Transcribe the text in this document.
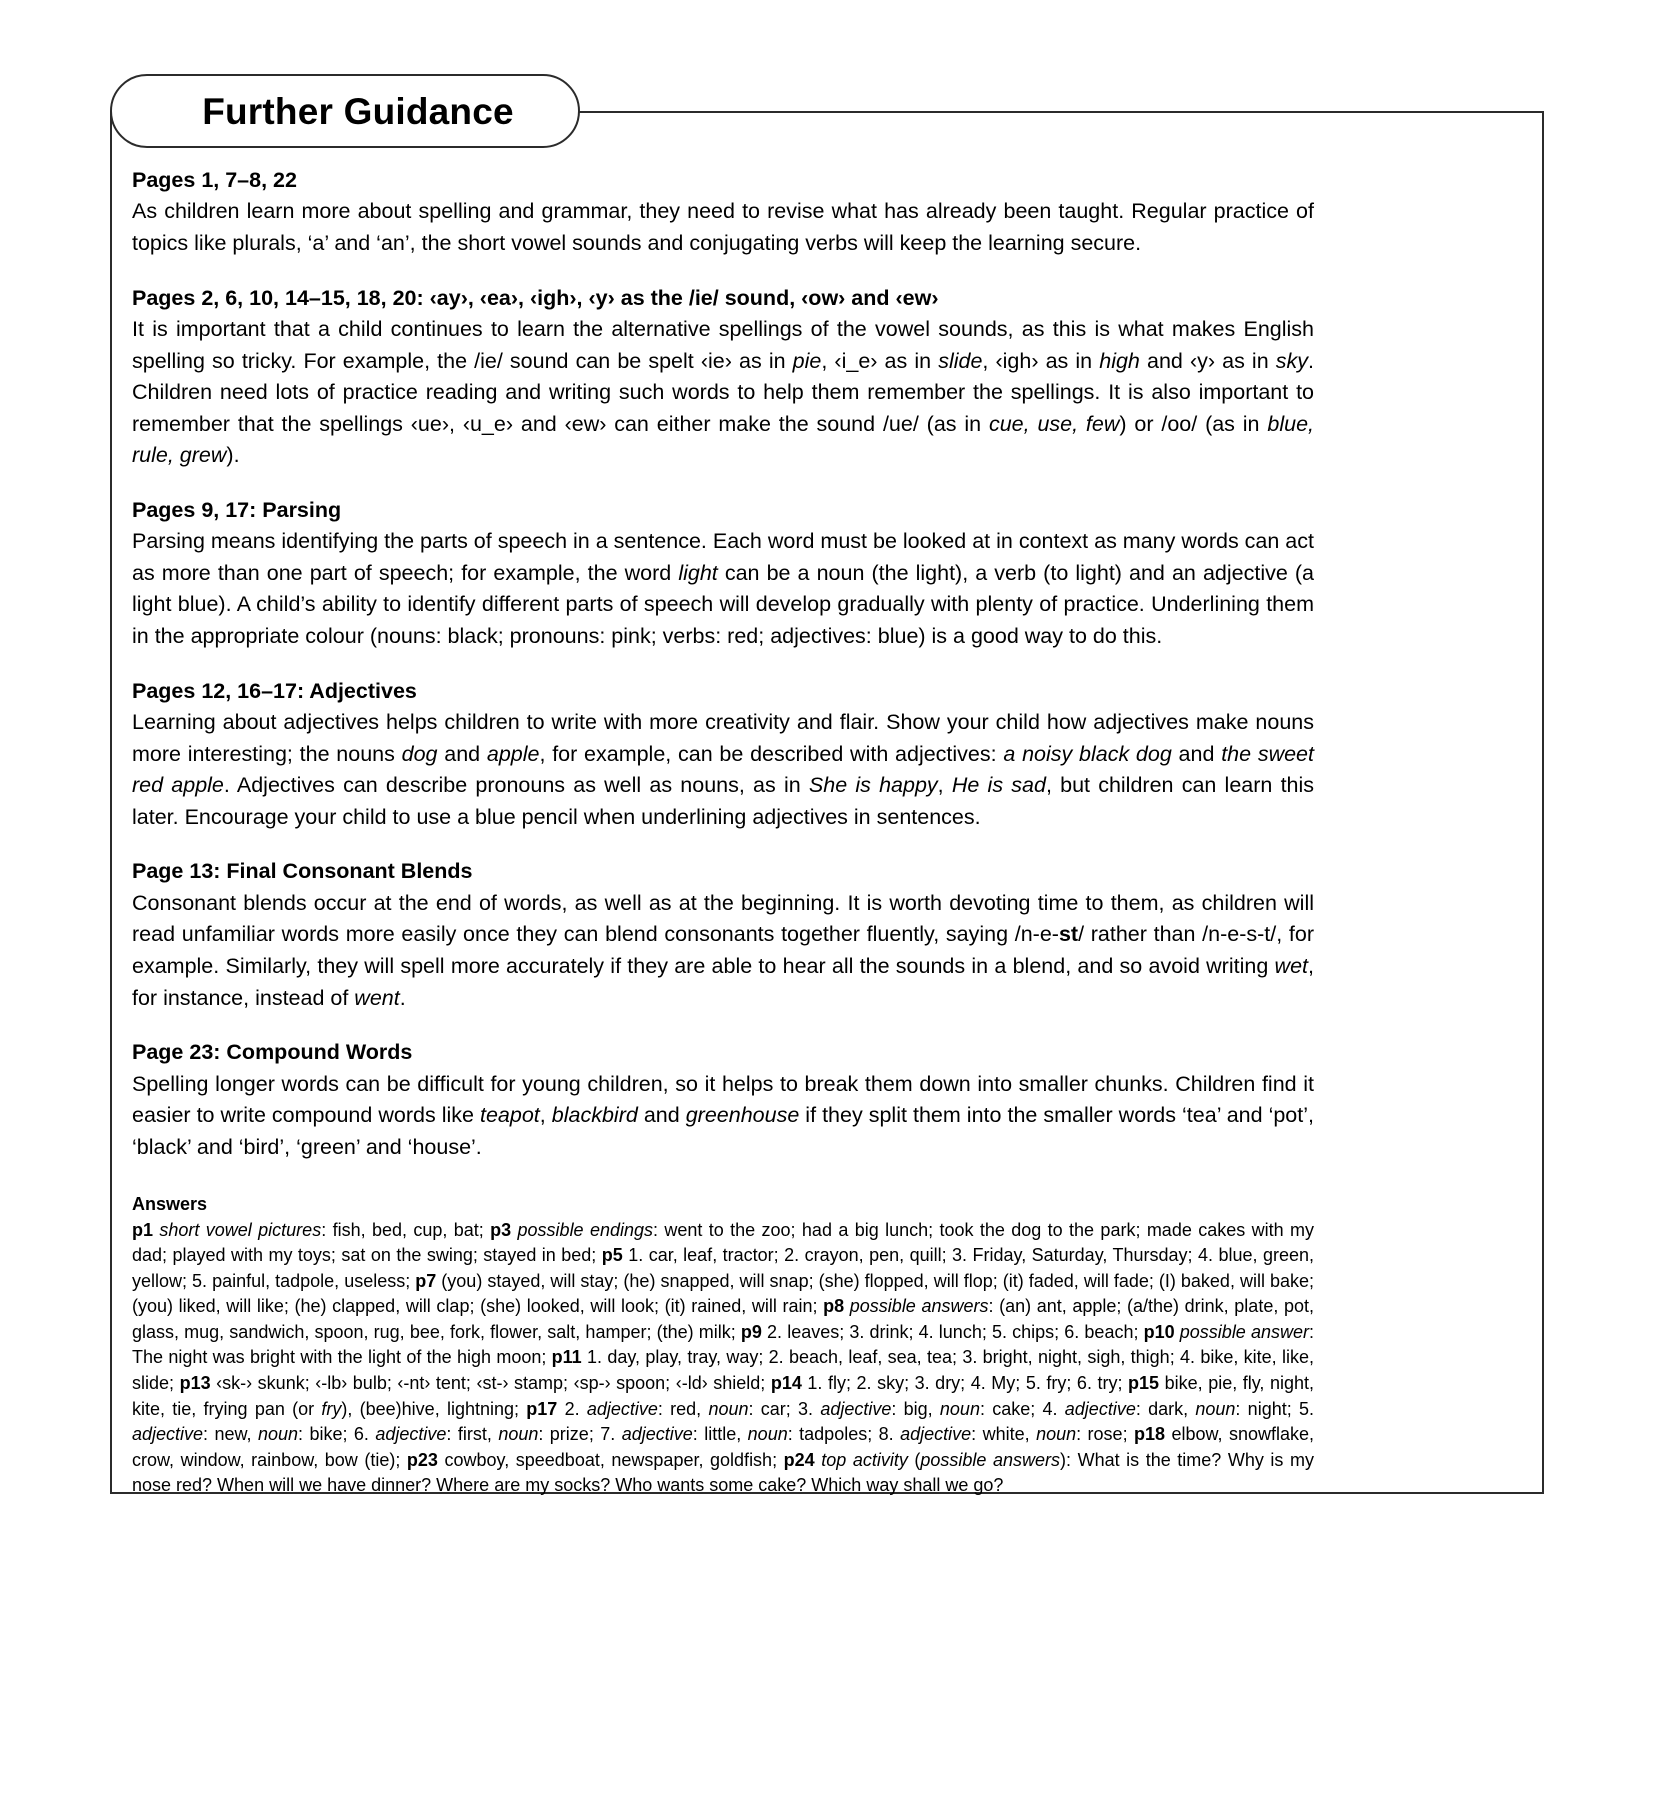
Further Guidance

Pages 1, 7–8, 22

As children learn more about spelling and grammar, they need to revise what has already been taught. Regular practice of topics like plurals, ‘a’ and ‘an’, the short vowel sounds and conjugating verbs will keep the learning secure.

Pages 2, 6, 10, 14–15, 18, 20: ‹ay›, ‹ea›, ‹igh›, ‹y› as the /ie/ sound, ‹ow› and ‹ew›

It is important that a child continues to learn the alternative spellings of the vowel sounds, as this is what makes English spelling so tricky. For example, the /ie/ sound can be spelt ‹ie› as in pie, ‹i_e› as in slide, ‹igh› as in high and ‹y› as in sky. Children need lots of practice reading and writing such words to help them remember the spellings. It is also important to remember that the spellings ‹ue›, ‹u_e› and ‹ew› can either make the sound /ue/ (as in cue, use, few) or /oo/ (as in blue, rule, grew).

Pages 9, 17: Parsing

Parsing means identifying the parts of speech in a sentence. Each word must be looked at in context as many words can act as more than one part of speech; for example, the word light can be a noun (the light), a verb (to light) and an adjective (a light blue). A child’s ability to identify different parts of speech will develop gradually with plenty of practice. Underlining them in the appropriate colour (nouns: black; pronouns: pink; verbs: red; adjectives: blue) is a good way to do this.

Pages 12, 16–17: Adjectives

Learning about adjectives helps children to write with more creativity and flair. Show your child how adjectives make nouns more interesting; the nouns dog and apple, for example, can be described with adjectives: a noisy black dog and the sweet red apple. Adjectives can describe pronouns as well as nouns, as in She is happy, He is sad, but children can learn this later. Encourage your child to use a blue pencil when underlining adjectives in sentences.

Page 13: Final Consonant Blends

Consonant blends occur at the end of words, as well as at the beginning. It is worth devoting time to them, as children will read unfamiliar words more easily once they can blend consonants together fluently, saying /n-e-st/ rather than /n-e-s-t/, for example. Similarly, they will spell more accurately if they are able to hear all the sounds in a blend, and so avoid writing wet, for instance, instead of went.

Page 23: Compound Words

Spelling longer words can be difficult for young children, so it helps to break them down into smaller chunks. Children find it easier to write compound words like teapot, blackbird and greenhouse if they split them into the smaller words ‘tea’ and ‘pot’, ‘black’ and ‘bird’, ‘green’ and ‘house’.

Answers

p1 short vowel pictures: fish, bed, cup, bat; p3 possible endings: went to the zoo; had a big lunch; took the dog to the park; made cakes with my dad; played with my toys; sat on the swing; stayed in bed; p5 1. car, leaf, tractor; 2. crayon, pen, quill; 3. Friday, Saturday, Thursday; 4. blue, green, yellow; 5. painful, tadpole, useless; p7 (you) stayed, will stay; (he) snapped, will snap; (she) flopped, will flop; (it) faded, will fade; (I) baked, will bake; (you) liked, will like; (he) clapped, will clap; (she) looked, will look; (it) rained, will rain; p8 possible answers: (an) ant, apple; (a/the) drink, plate, pot, glass, mug, sandwich, spoon, rug, bee, fork, flower, salt, hamper; (the) milk; p9 2. leaves; 3. drink; 4. lunch; 5. chips; 6. beach; p10 possible answer: The night was bright with the light of the high moon; p11 1. day, play, tray, way; 2. beach, leaf, sea, tea; 3. bright, night, sigh, thigh; 4. bike, kite, like, slide; p13 ‹sk-› skunk; ‹-lb› bulb; ‹-nt› tent; ‹st-› stamp; ‹sp-› spoon; ‹-ld› shield; p14 1. fly; 2. sky; 3. dry; 4. My; 5. fry; 6. try; p15 bike, pie, fly, night, kite, tie, frying pan (or fry), (bee)hive, lightning; p17 2. adjective: red, noun: car; 3. adjective: big, noun: cake; 4. adjective: dark, noun: night; 5. adjective: new, noun: bike; 6. adjective: first, noun: prize; 7. adjective: little, noun: tadpoles; 8. adjective: white, noun: rose; p18 elbow, snowflake, crow, window, rainbow, bow (tie); p23 cowboy, speedboat, newspaper, goldfish; p24 top activity (possible answers): What is the time? Why is my nose red? When will we have dinner? Where are my socks? Who wants some cake? Which way shall we go?
